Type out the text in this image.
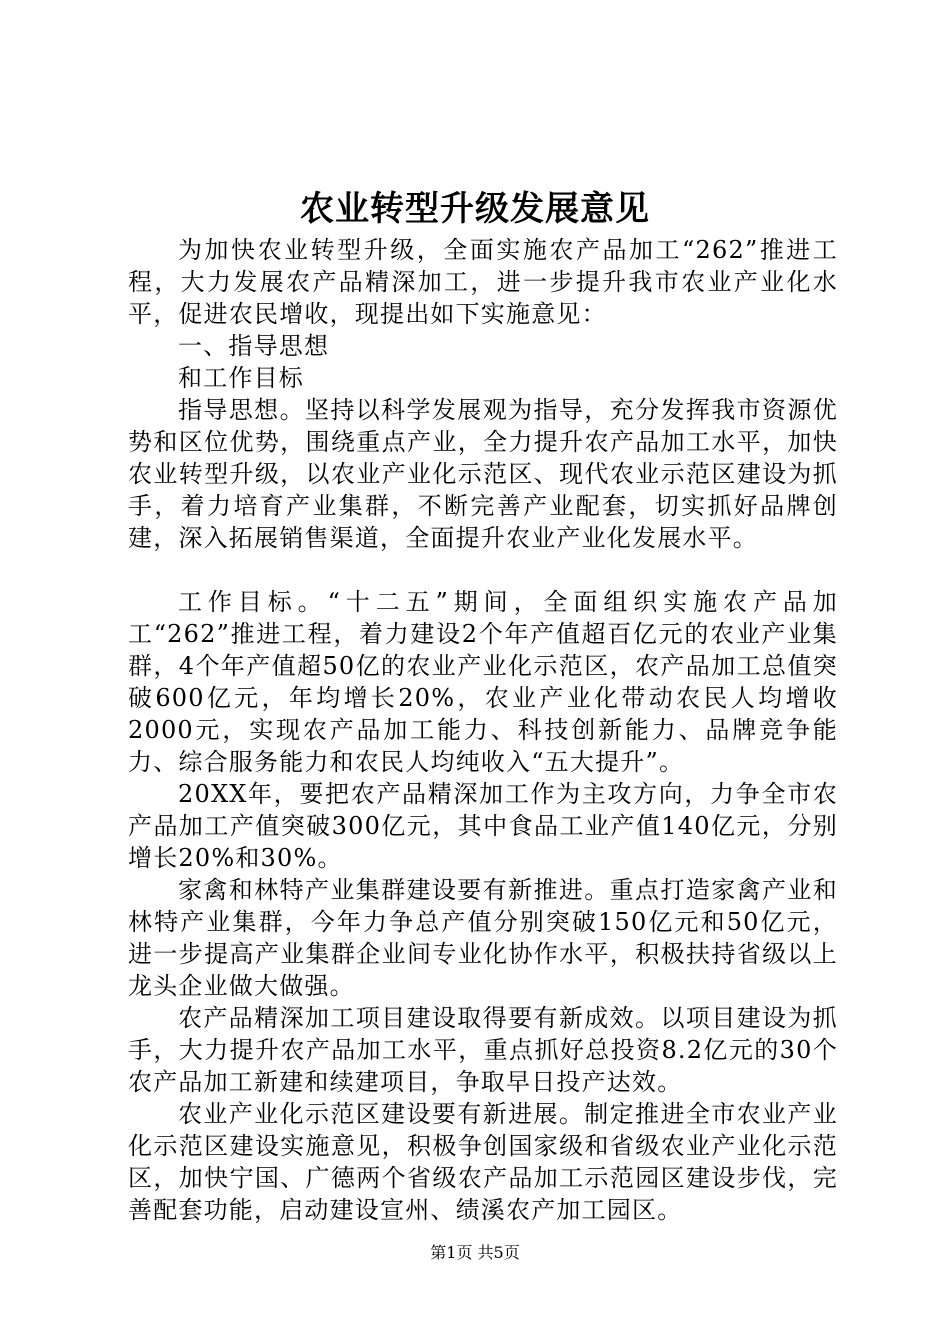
农业转型升级发展意见

为加快农业转型升级，全面实施农产品加工“262”推进工程，大力发展农产品精深加工，进一步提升我市农业产业化水平，促进农民增收，现提出如下实施意见：

一、指导思想

和工作目标

指导思想。坚持以科学发展观为指导，充分发挥我市资源优势和区位优势，围绕重点产业，全力提升农产品加工水平，加快农业转型升级，以农业产业化示范区、现代农业示范区建设为抓手，着力培育产业集群，不断完善产业配套，切实抓好品牌创建，深入拓展销售渠道，全面提升农业产业化发展水平。

工作目标。“十二五”期间，全面组织实施农产品加工“262”推进工程，着力建设2个年产值超百亿元的农业产业集群，4个年产值超50亿的农业产业化示范区，农产品加工总值突破600亿元，年均增长20%，农业产业化带动农民人均增收2000元，实现农产品加工能力、科技创新能力、品牌竞争能力、综合服务能力和农民人均纯收入“五大提升”。

20XX年，要把农产品精深加工作为主攻方向，力争全市农产品加工产值突破300亿元，其中食品工业产值140亿元，分别增长20%和30%。

家禽和林特产业集群建设要有新推进。重点打造家禽产业和林特产业集群，今年力争总产值分别突破150亿元和50亿元，进一步提高产业集群企业间专业化协作水平，积极扶持省级以上龙头企业做大做强。

农产品精深加工项目建设取得要有新成效。以项目建设为抓手，大力提升农产品加工水平，重点抓好总投资8.2亿元的30个农产品加工新建和续建项目，争取早日投产达效。

农业产业化示范区建设要有新进展。制定推进全市农业产业化示范区建设实施意见，积极争创国家级和省级农业产业化示范区，加快宁国、广德两个省级农产品加工示范园区建设步伐，完善配套功能，启动建设宣州、绩溪农产加工园区。

第1页 共5页
